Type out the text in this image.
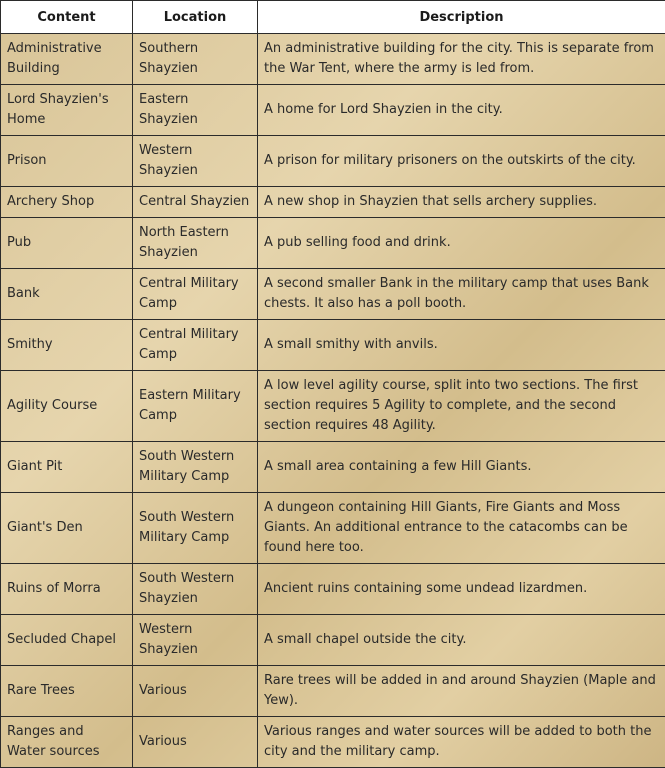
Content	Location	Description
Administrative Building	Southern Shayzien	An administrative building for the city. This is separate from the War Tent, where the army is led from.
Lord Shayzien's Home	Eastern Shayzien	A home for Lord Shayzien in the city.
Prison	Western Shayzien	A prison for military prisoners on the outskirts of the city.
Archery Shop	Central Shayzien	A new shop in Shayzien that sells archery supplies.
Pub	North Eastern Shayzien	A pub selling food and drink.
Bank	Central Military Camp	A second smaller Bank in the military camp that uses Bank chests. It also has a poll booth.
Smithy	Central Military Camp	A small smithy with anvils.
Agility Course	Eastern Military Camp	A low level agility course, split into two sections. The first section requires 5 Agility to complete, and the second section requires 48 Agility.
Giant Pit	South Western Military Camp	A small area containing a few Hill Giants.
Giant's Den	South Western Military Camp	A dungeon containing Hill Giants, Fire Giants and Moss Giants. An additional entrance to the catacombs can be found here too.
Ruins of Morra	South Western Shayzien	Ancient ruins containing some undead lizardmen.
Secluded Chapel	Western Shayzien	A small chapel outside the city.
Rare Trees	Various	Rare trees will be added in and around Shayzien (Maple and Yew).
Ranges and Water sources	Various	Various ranges and water sources will be added to both the city and the military camp.
